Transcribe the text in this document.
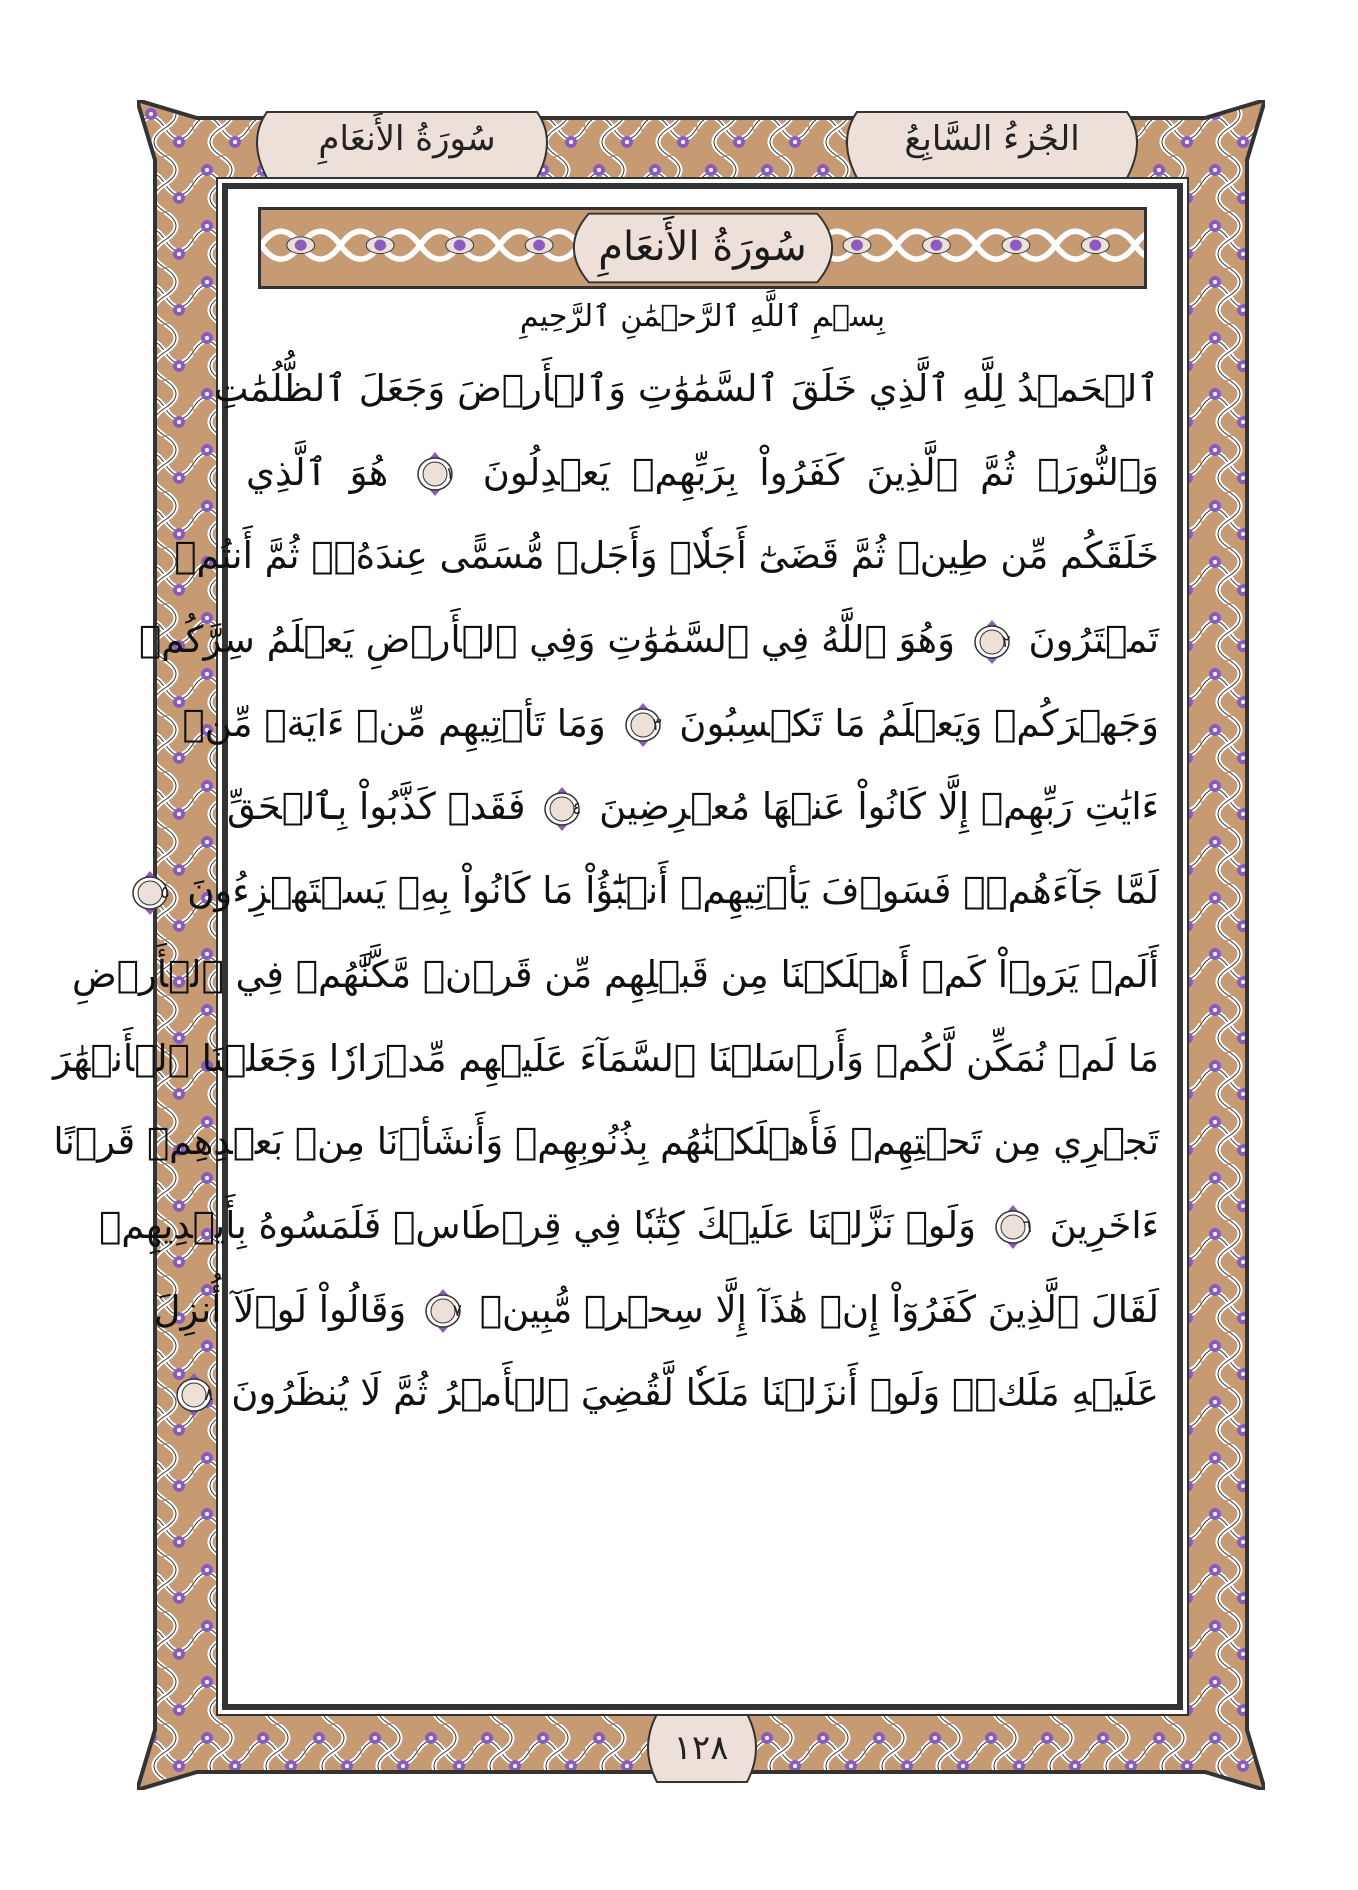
الجُزءُ السَّابِعُ
سُورَةُ الأَنعَامِ
سُورَةُ الأَنعَامِ
بِسۡمِ ٱللَّهِ ٱلرَّحۡمَٰنِ ٱلرَّحِيمِ
ٱلۡحَمۡدُ لِلَّهِ ٱلَّذِي خَلَقَ ٱلسَّمَٰوَٰتِ وَٱلۡأَرۡضَ وَجَعَلَ ٱلظُّلُمَٰتِ
وَٱلنُّورَۖ ثُمَّ ٱلَّذِينَ كَفَرُواْ بِرَبِّهِمۡ يَعۡدِلُونَ
١
هُوَ ٱلَّذِي
خَلَقَكُم مِّن طِينٖ ثُمَّ قَضَىٰٓ أَجَلٗاۖ وَأَجَلٞ مُّسَمًّى عِندَهُۥۖ ثُمَّ أَنتُمۡ
تَمۡتَرُونَ
٢
وَهُوَ ٱللَّهُ فِي ٱلسَّمَٰوَٰتِ وَفِي ٱلۡأَرۡضِ يَعۡلَمُ سِرَّكُمۡ
وَجَهۡرَكُمۡ وَيَعۡلَمُ مَا تَكۡسِبُونَ
٣
وَمَا تَأۡتِيهِم مِّنۡ ءَايَةٖ مِّنۡ
ءَايَٰتِ رَبِّهِمۡ إِلَّا كَانُواْ عَنۡهَا مُعۡرِضِينَ
٤
فَقَدۡ كَذَّبُواْ بِٱلۡحَقِّ
لَمَّا جَآءَهُمۡۖ فَسَوۡفَ يَأۡتِيهِمۡ أَنۢبَٰٓؤُاْ مَا كَانُواْ بِهِۦ يَسۡتَهۡزِءُونَ
٥
أَلَمۡ يَرَوۡاْ كَمۡ أَهۡلَكۡنَا مِن قَبۡلِهِم مِّن قَرۡنٖ مَّكَّنَّٰهُمۡ فِي ٱلۡأَرۡضِ
مَا لَمۡ نُمَكِّن لَّكُمۡ وَأَرۡسَلۡنَا ٱلسَّمَآءَ عَلَيۡهِم مِّدۡرَارٗا وَجَعَلۡنَا ٱلۡأَنۡهَٰرَ
تَجۡرِي مِن تَحۡتِهِمۡ فَأَهۡلَكۡنَٰهُم بِذُنُوبِهِمۡ وَأَنشَأۡنَا مِنۢ بَعۡدِهِمۡ قَرۡنًا
ءَاخَرِينَ
٦
وَلَوۡ نَزَّلۡنَا عَلَيۡكَ كِتَٰبٗا فِي قِرۡطَاسٖ فَلَمَسُوهُ بِأَيۡدِيهِمۡ
لَقَالَ ٱلَّذِينَ كَفَرُوٓاْ إِنۡ هَٰذَآ إِلَّا سِحۡرٞ مُّبِينٞ
٧
وَقَالُواْ لَوۡلَآ أُنزِلَ
عَلَيۡهِ مَلَكٞۖ وَلَوۡ أَنزَلۡنَا مَلَكٗا لَّقُضِيَ ٱلۡأَمۡرُ ثُمَّ لَا يُنظَرُونَ
٨
١٢٨
